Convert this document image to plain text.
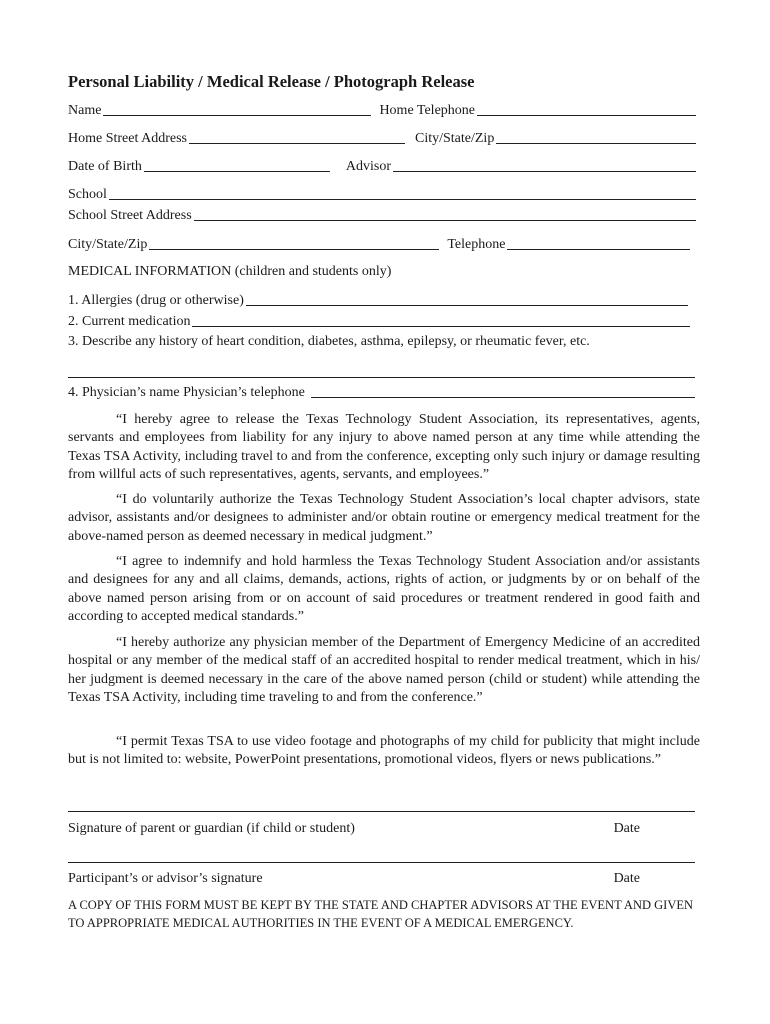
Personal Liability / Medical Release / Photograph Release
Name	Home Telephone
Home Street Address	City/State/Zip
Date of Birth	Advisor
School
School Street Address
City/State/Zip	Telephone
MEDICAL INFORMATION (children and students only)
1. Allergies (drug or otherwise)
2. Current medication
3. Describe any history of heart condition, diabetes, asthma, epilepsy, or rheumatic fever, etc.
4. Physician’s name Physician’s telephone

“I hereby agree to release the Texas Technology Student Association, its representatives, agents, servants and employees from liability for any injury to above named person at any time while attending the Texas TSA Activity, including travel to and from the conference, excepting only such injury or damage resulting from willful acts of such representatives, agents, servants, and employees.”

“I do voluntarily authorize the Texas Technology Student Association’s local chapter advisors, state advisor, assistants and/or designees to administer and/or obtain routine or emergency medical treatment for the above-named person as deemed necessary in medical judgment.”

“I agree to indemnify and hold harmless the Texas Technology Student Association and/or assistants and designees for any and all claims, demands, actions, rights of action, or judgments by or on behalf of the above named person arising from or on account of said procedures or treatment rendered in good faith and according to accepted medical standards.”

“I hereby authorize any physician member of the Department of Emergency Medicine of an accredited hospital or any member of the medical staff of an accredited hospital to render medical treatment, which in his/ her judgment is deemed necessary in the care of the above named person (child or student) while attending the Texas TSA Activity, including time traveling to and from the conference.”

“I permit Texas TSA to use video footage and photographs of my child for publicity that might include but is not limited to: website, PowerPoint presentations, promotional videos, flyers or news publications.”

Signature of parent or guardian (if child or student)	Date
Participant’s or advisor’s signature	Date

A COPY OF THIS FORM MUST BE KEPT BY THE STATE AND CHAPTER ADVISORS AT THE EVENT AND GIVEN TO APPROPRIATE MEDICAL AUTHORITIES IN THE EVENT OF A MEDICAL EMERGENCY.
